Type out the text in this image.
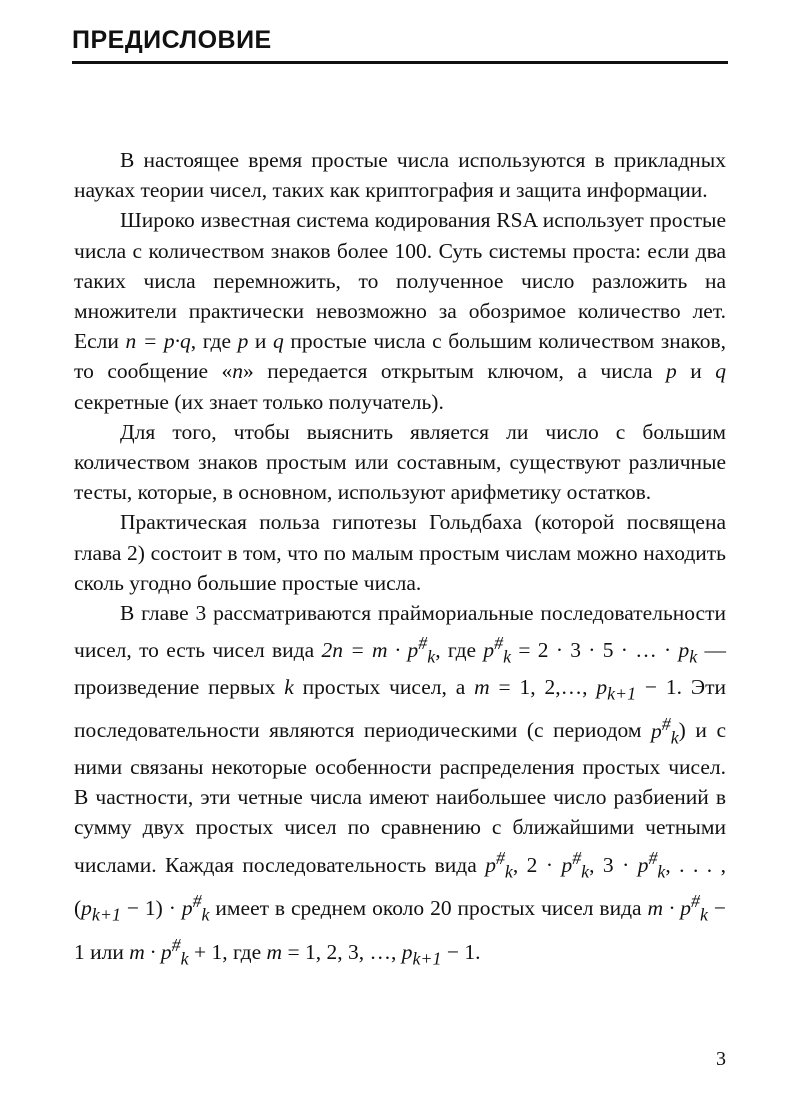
ПРЕДИСЛОВИЕ

В настоящее время простые числа используются в прикладных науках теории чисел, таких как криптография и защита информации.

Широко известная система кодирования RSA использует простые числа с количеством знаков более 100. Суть системы проста: если два таких числа перемножить, то полученное число разложить на множители практически невозможно за обозримое количество лет. Если n = p·q, где p и q простые числа с большим количеством знаков, то сообщение «n» передается открытым ключом, а числа p и q секретные (их знает только получатель).

Для того, чтобы выяснить является ли число с большим количеством знаков простым или составным, существуют различные тесты, которые, в основном, используют арифметику остатков.

Практическая польза гипотезы Гольдбаха (которой посвящена глава 2) состоит в том, что по малым простым числам можно находить сколь угодно большие простые числа.

В главе 3 рассматриваются праймориальные последовательности чисел, то есть чисел вида $2n = m \cdot p^{\#}_k$, где $p^{\#}_k = 2 \cdot 3 \cdot 5$ · … · $p_k$ — произведение первых k простых чисел, а m = 1, 2,…, $p_{k+1} - 1$. Эти последовательности являются периодическими (с периодом $p^{\#}_k$) и с ними связаны некоторые особенности распределения простых чисел. В частности, эти четные числа имеют наибольшее число разбиений в сумму двух простых чисел по сравнению с ближайшими четными числами. Каждая последовательность вида $p^{\#}_k$, $2 \cdot p^{\#}_k$, $3 \cdot p^{\#}_k$, . . . , $(p_{k+1} - 1) \cdot p^{\#}_k$ имеет в среднем около 20 простых чисел вида $m \cdot p^{\#}_k - 1$ или $m \cdot p^{\#}_k + 1$, где m = 1, 2, 3, …, $p_{k+1} - 1$.

3
